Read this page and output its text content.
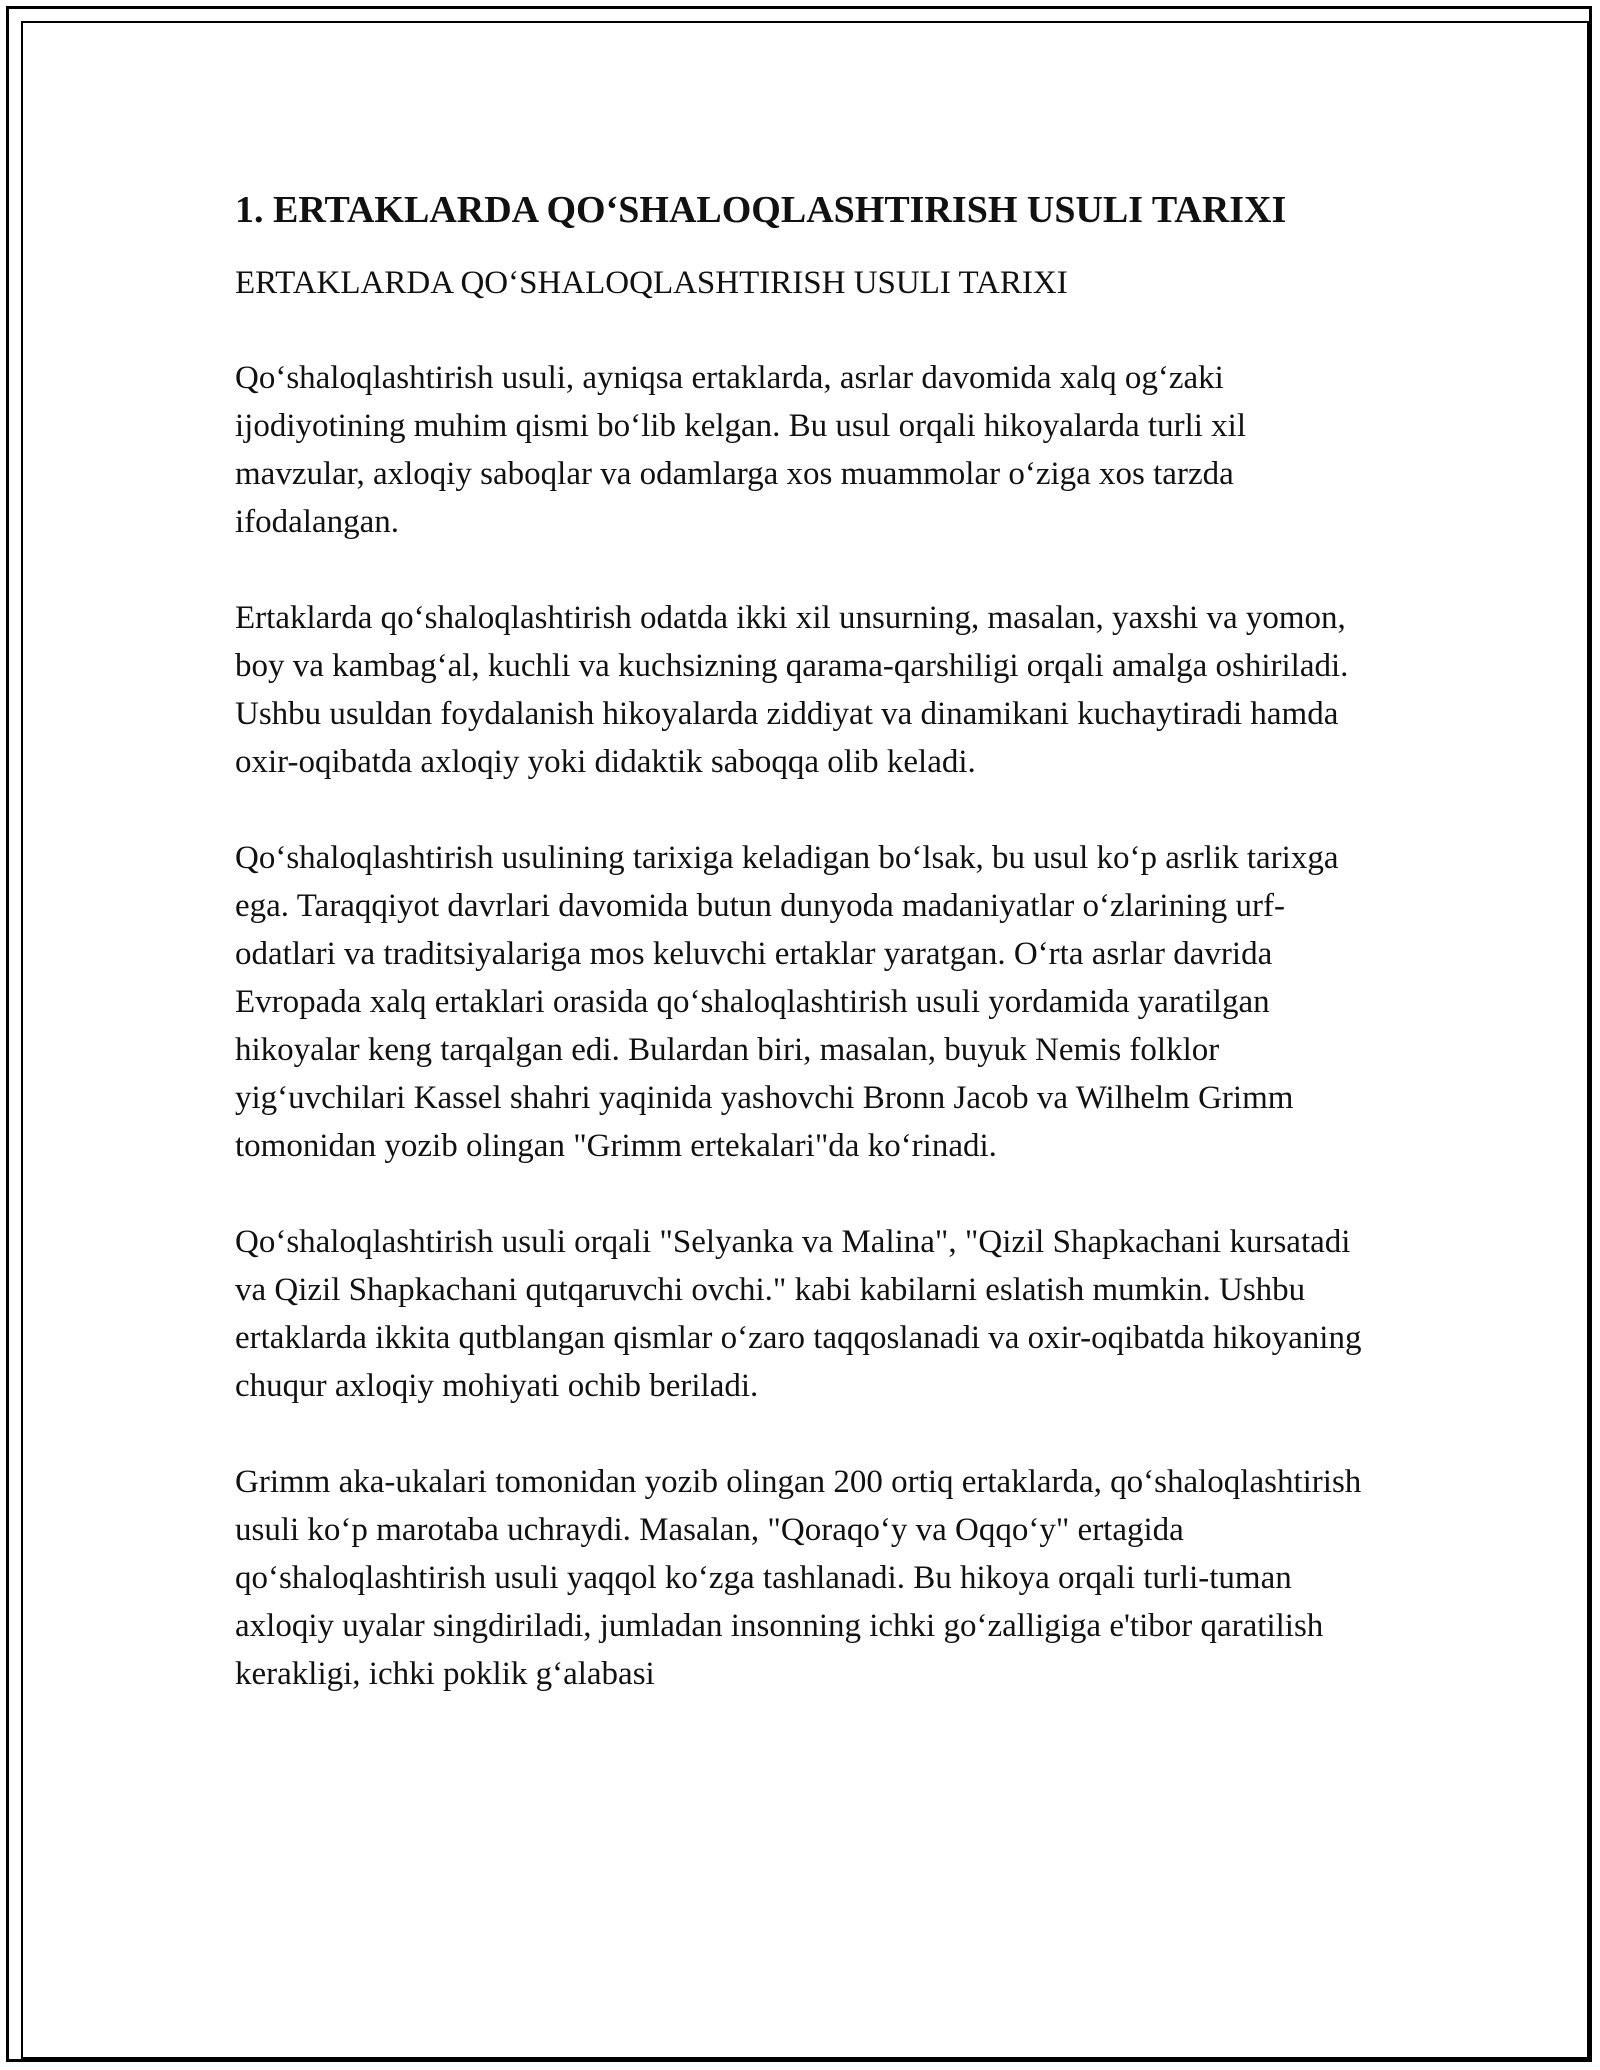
1. ERTAKLARDA QO‘SHALOQLASHTIRISH USULI TARIXI

ERTAKLARDA QO‘SHALOQLASHTIRISH USULI TARIXI

Qo‘shaloqlashtirish usuli, ayniqsa ertaklarda, asrlar davomida xalq og‘zaki ijodiyotining muhim qismi bo‘lib kelgan. Bu usul orqali hikoyalarda turli xil mavzular, axloqiy saboqlar va odamlarga xos muammolar o‘ziga xos tarzda ifodalangan.

Ertaklarda qo‘shaloqlashtirish odatda ikki xil unsurning, masalan, yaxshi va yomon, boy va kambag‘al, kuchli va kuchsizning qarama-qarshiligi orqali amalga oshiriladi. Ushbu usuldan foydalanish hikoyalarda ziddiyat va dinamikani kuchaytiradi hamda oxir-oqibatda axloqiy yoki didaktik saboqqa olib keladi.

Qo‘shaloqlashtirish usulining tarixiga keladigan bo‘lsak, bu usul ko‘p asrlik tarixga ega. Taraqqiyot davrlari davomida butun dunyoda madaniyatlar o‘zlarining urf-odatlari va traditsiyalariga mos keluvchi ertaklar yaratgan. O‘rta asrlar davrida Evropada xalq ertaklari orasida qo‘shaloqlashtirish usuli yordamida yaratilgan hikoyalar keng tarqalgan edi. Bulardan biri, masalan, buyuk Nemis folklor yig‘uvchilari Kassel shahri yaqinida yashovchi Bronn Jacob va Wilhelm Grimm tomonidan yozib olingan "Grimm ertekalari"da ko‘rinadi.

Qo‘shaloqlashtirish usuli orqali "Selyanka va Malina", "Qizil Shapkachani kursatadi va Qizil Shapkachani qutqaruvchi ovchi." kabi kabilarni eslatish mumkin. Ushbu ertaklarda ikkita qutblangan qismlar o‘zaro taqqoslanadi va oxir-oqibatda hikoyaning chuqur axloqiy mohiyati ochib beriladi.

Grimm aka-ukalari tomonidan yozib olingan 200 ortiq ertaklarda, qo‘shaloqlashtirish usuli ko‘p marotaba uchraydi. Masalan, "Qoraqo‘y va Oqqo‘y" ertagida qo‘shaloqlashtirish usuli yaqqol ko‘zga tashlanadi. Bu hikoya orqali turli-tuman axloqiy uyalar singdiriladi, jumladan insonning ichki go‘zalligiga e'tibor qaratilish kerakligi, ichki poklik g‘alabasi
